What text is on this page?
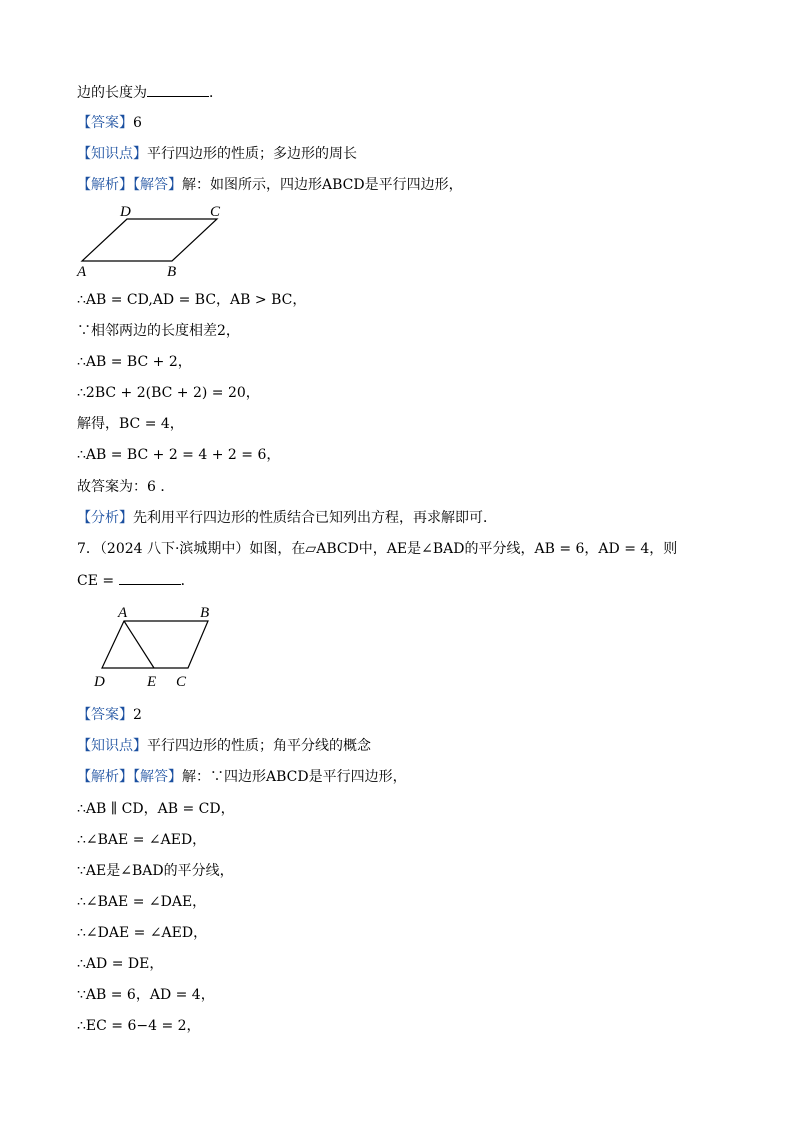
边的长度为	．
【答案】6
【知识点】平行四边形的性质；多边形的周长
【解析】【解答】解：如图所示，四边形ABCD是平行四边形，
D	C
A	B
∴AB = CD,AD = BC，AB > BC，
∵相邻两边的长度相差2，
∴AB = BC + 2，
∴2BC + 2(BC + 2) = 20，
解得，BC = 4，
∴AB = BC + 2 = 4 + 2 = 6，
故答案为：6 ．
【分析】先利用平行四边形的性质结合已知列出方程，再求解即可．
7．（2024 八下·滨城期中）如图，在▱ABCD中，AE是∠BAD的平分线，AB = 6，AD = 4，则
CE =	．
A	B
D	E C
【答案】2
【知识点】平行四边形的性质；角平分线的概念
【解析】【解答】解：∵四边形ABCD是平行四边形，
∴AB ∥ CD，AB = CD，
∴∠BAE = ∠AED，
∵AE是∠BAD的平分线，
∴∠BAE = ∠DAE，
∴∠DAE = ∠AED，
∴AD = DE，
∵AB = 6，AD = 4，
∴EC = 6−4 = 2，
